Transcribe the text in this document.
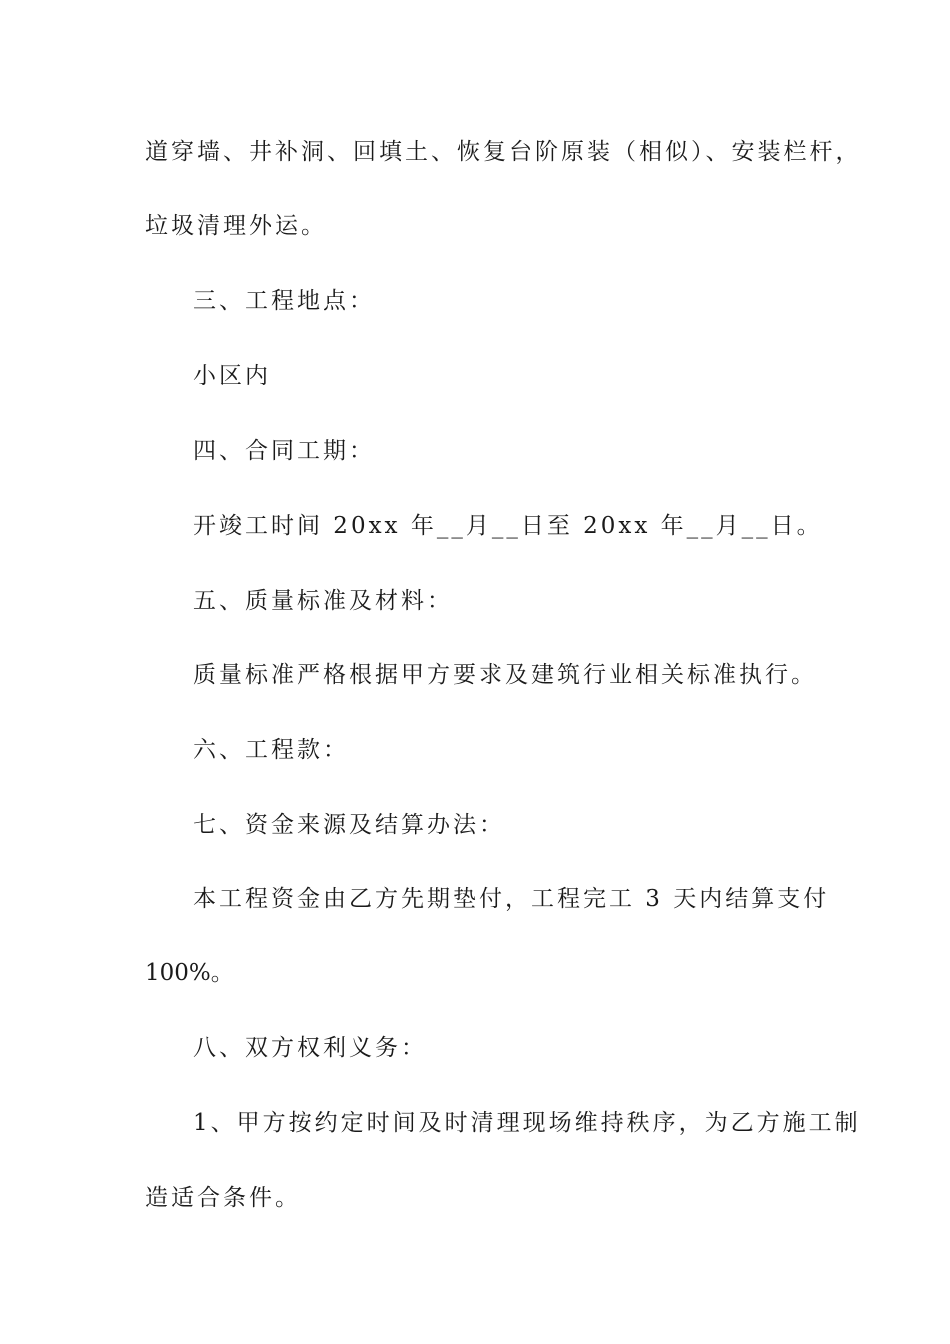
道穿墙、井补洞、回填土、恢复台阶原装（相似）、安装栏杆，
垃圾清理外运。
三、工程地点：
小区内
四、合同工期：
开竣工时间 20xx 年__月__日至 20xx 年__月__日。
五、质量标准及材料：
质量标准严格根据甲方要求及建筑行业相关标准执行。
六、工程款：
七、资金来源及结算办法：
本工程资金由乙方先期垫付，工程完工 3 天内结算支付
100%。
八、双方权利义务：
1、甲方按约定时间及时清理现场维持秩序，为乙方施工制
造适合条件。
